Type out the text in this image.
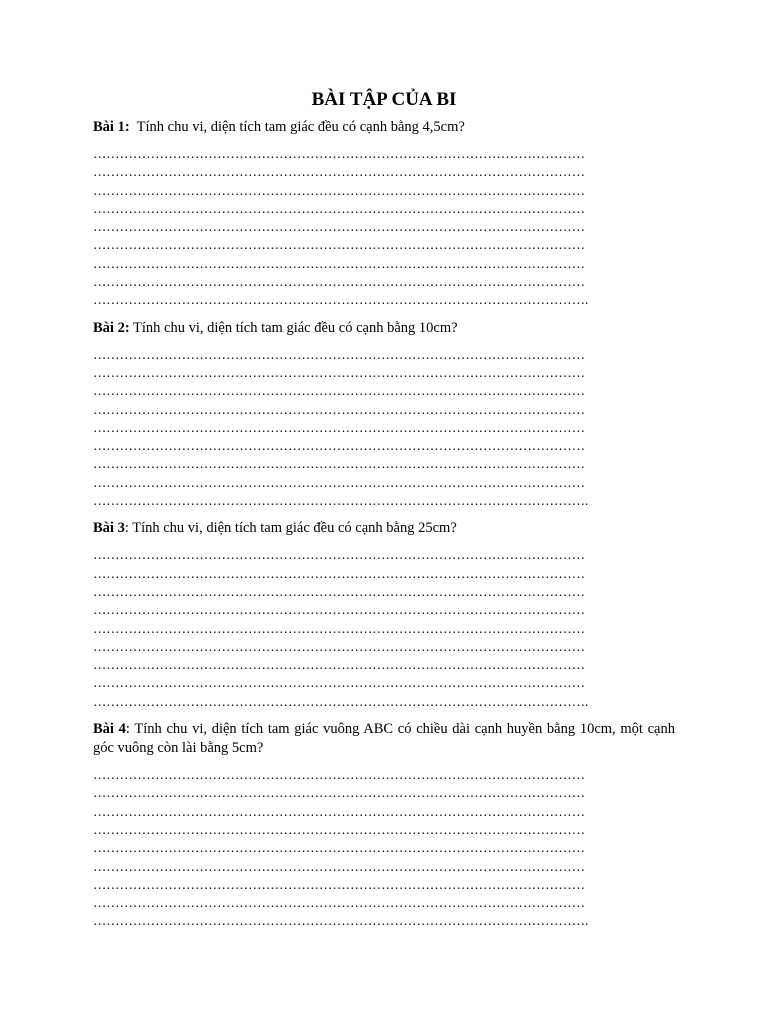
BÀI TẬP CỦA BI

Bài 1:  Tính chu vi, diện tích tam giác đều có cạnh bằng 4,5cm?

…………………………………………………………………………………………………
…………………………………………………………………………………………………
…………………………………………………………………………………………………
…………………………………………………………………………………………………
…………………………………………………………………………………………………
…………………………………………………………………………………………………
…………………………………………………………………………………………………
…………………………………………………………………………………………………
………………………………………………………………………………………………….

Bài 2: Tính chu vi, diện tích tam giác đều có cạnh bằng 10cm?

…………………………………………………………………………………………………
…………………………………………………………………………………………………
…………………………………………………………………………………………………
…………………………………………………………………………………………………
…………………………………………………………………………………………………
…………………………………………………………………………………………………
…………………………………………………………………………………………………
…………………………………………………………………………………………………
………………………………………………………………………………………………….

Bài 3: Tính chu vi, diện tích tam giác đều có cạnh bằng 25cm?

…………………………………………………………………………………………………
…………………………………………………………………………………………………
…………………………………………………………………………………………………
…………………………………………………………………………………………………
…………………………………………………………………………………………………
…………………………………………………………………………………………………
…………………………………………………………………………………………………
…………………………………………………………………………………………………
………………………………………………………………………………………………….

Bài 4: Tính chu vi, diện tích tam giác vuông ABC có chiều dài cạnh huyền bằng 10cm, một cạnh góc vuông còn lài bằng 5cm?

…………………………………………………………………………………………………
…………………………………………………………………………………………………
…………………………………………………………………………………………………
…………………………………………………………………………………………………
…………………………………………………………………………………………………
…………………………………………………………………………………………………
…………………………………………………………………………………………………
…………………………………………………………………………………………………
………………………………………………………………………………………………….
